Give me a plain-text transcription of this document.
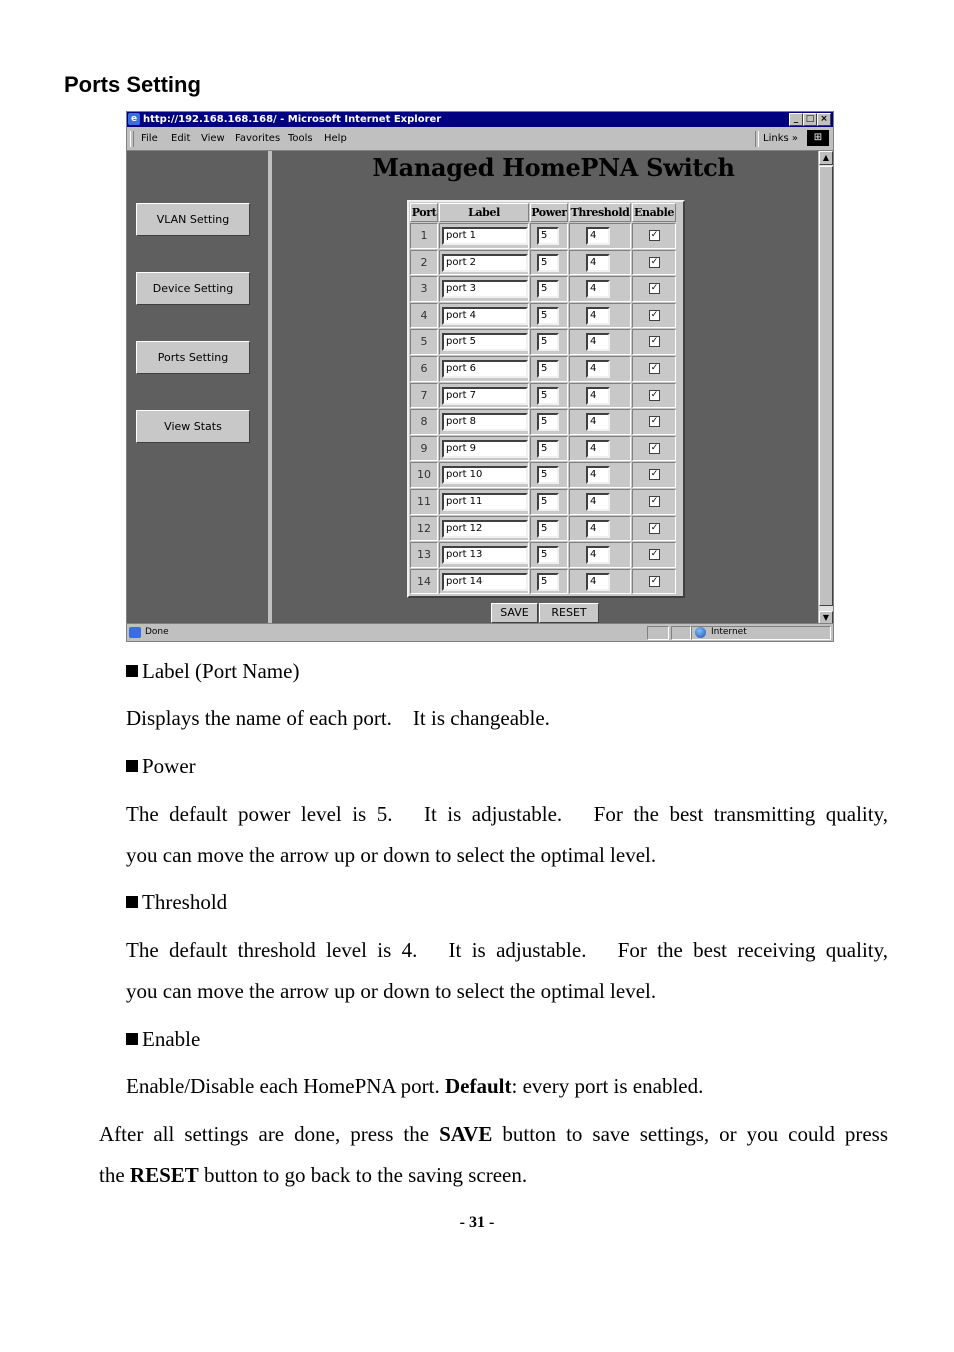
Ports Setting
e http://192.168.168.168/ - Microsoft Internet Explorer	_ □ ×
File Edit View Favorites Tools Help	Links »	⊞
VLAN Setting
Device Setting
Ports Setting
View Stats
Managed HomePNA Switch
Port	Label	Power Threshold Enable
1	port 1	5	4	✓
2	port 2	5	4	✓
3	port 3	5	4	✓
4	port 4	5	4	✓
5	port 5	5	4	✓
6	port 6	5	4	✓
7	port 7	5	4	✓
8	port 8	5	4	✓
9	port 9	5	4	✓
10	port 10	5	4	✓
11	port 11	5	4	✓
12	port 12	5	4	✓
13	port 13	5	4	✓
14	port 14	5	4	✓
SAVE	RESET
▲
▼
Done	Internet
Label (Port Name)
Displays the name of each port.　It is changeable.
Power
The default power level is 5.　It is adjustable.　For the best transmitting quality,
you can move the arrow up or down to select the optimal level.
Threshold
The default threshold level is 4.　It is adjustable.　For the best receiving quality,
you can move the arrow up or down to select the optimal level.
Enable
Enable/Disable each HomePNA port. Default: every port is enabled.
After all settings are done, press the SAVE button to save settings, or you could press
the RESET button to go back to the saving screen.
- 31 -
